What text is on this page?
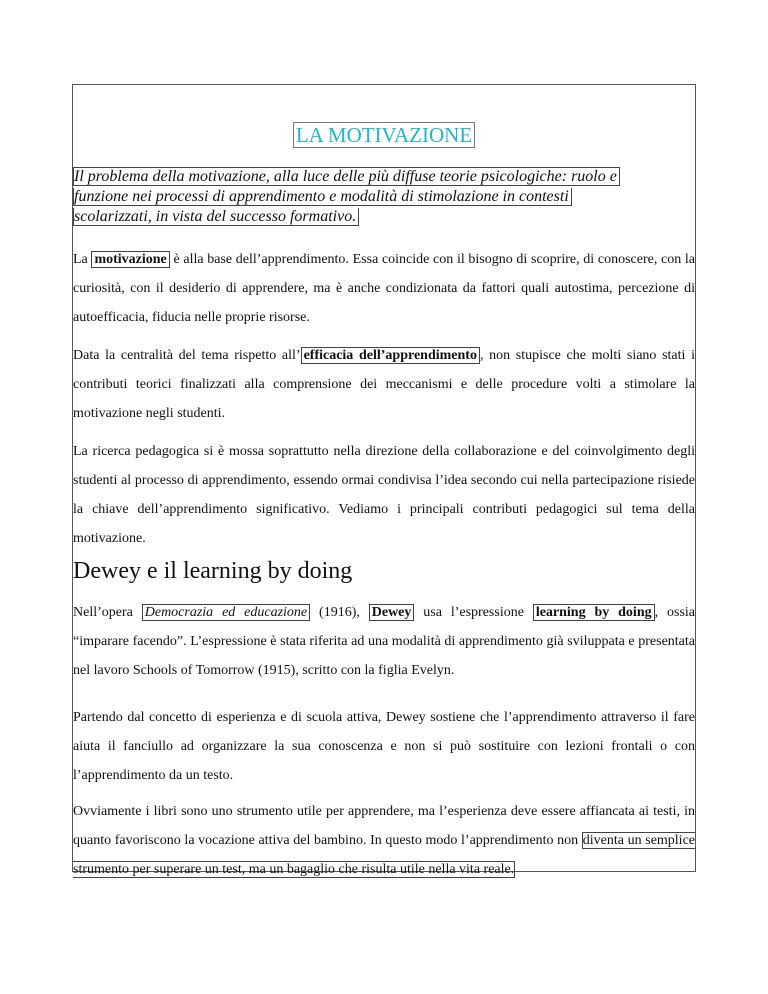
LA MOTIVAZIONE
Il problema della motivazione, alla luce delle più diffuse teorie psicologiche: ruolo e
funzione nei processi di apprendimento e modalità di stimolazione in contesti
scolarizzati, in vista del successo formativo.

La motivazione è alla base dell’apprendimento. Essa coincide con il bisogno di scoprire, di conoscere, con la curiosità, con il desiderio di apprendere, ma è anche condizionata da fattori quali autostima, percezione di autoefficacia, fiducia nelle proprie risorse.

Data la centralità del tema rispetto all’ efficacia dell’apprendimento , non stupisce che molti siano stati i contributi teorici finalizzati alla comprensione dei meccanismi e delle procedure volti a stimolare la motivazione negli studenti.

La ricerca pedagogica si è mossa soprattutto nella direzione della collaborazione e del coinvolgimento degli studenti al processo di apprendimento, essendo ormai condivisa l’idea secondo cui nella partecipazione risiede la chiave dell’apprendimento significativo. Vediamo i principali contributi pedagogici sul tema della motivazione.

Dewey e il learning by doing

Nell’opera Democrazia ed educazione (1916), Dewey usa l’espressione learning by doing , ossia “imparare facendo”. L’espressione è stata riferita ad una modalità di apprendimento già sviluppata e presentata nel lavoro Schools of Tomorrow (1915), scritto con la figlia Evelyn.

Partendo dal concetto di esperienza e di scuola attiva, Dewey sostiene che l’apprendimento attraverso il fare aiuta il fanciullo ad organizzare la sua conoscenza e non si può sostituire con lezioni frontali o con l’apprendimento da un testo.

Ovviamente i libri sono uno strumento utile per apprendere, ma l’esperienza deve essere affiancata ai testi, in quanto favoriscono la vocazione attiva del bambino. In questo modo l’apprendimento non diventa un semplice strumento per superare un test, ma un bagaglio che risulta utile nella vita reale.
